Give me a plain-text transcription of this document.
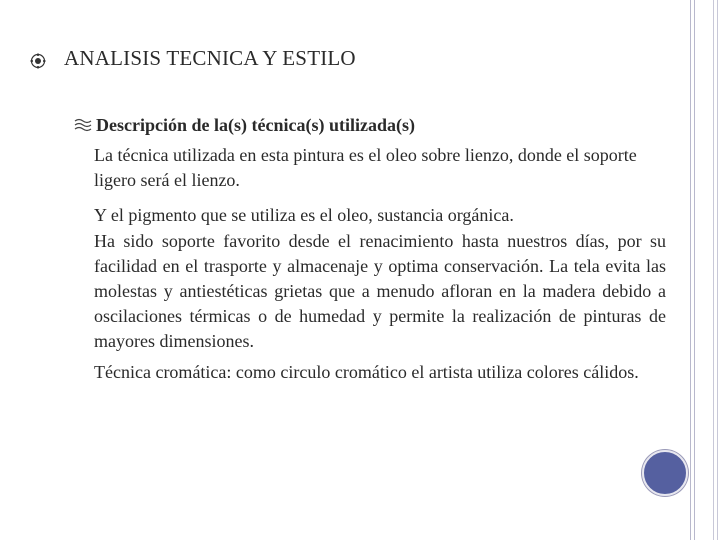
ANALISIS TECNICA Y ESTILO
Descripción de la(s) técnica(s) utilizada(s)

La técnica utilizada en esta pintura es el oleo sobre lienzo, donde el soporte ligero será el lienzo.

Y el pigmento que se utiliza es el oleo, sustancia orgánica.

Ha sido soporte favorito desde el renacimiento hasta nuestros días, por su facilidad en el trasporte y almacenaje y optima conservación. La tela evita las molestas y antiestéticas grietas que a menudo afloran en la madera debido a oscilaciones térmicas o de humedad y permite la realización de pinturas de mayores dimensiones.

Técnica cromática: como circulo cromático el artista utiliza colores cálidos.
